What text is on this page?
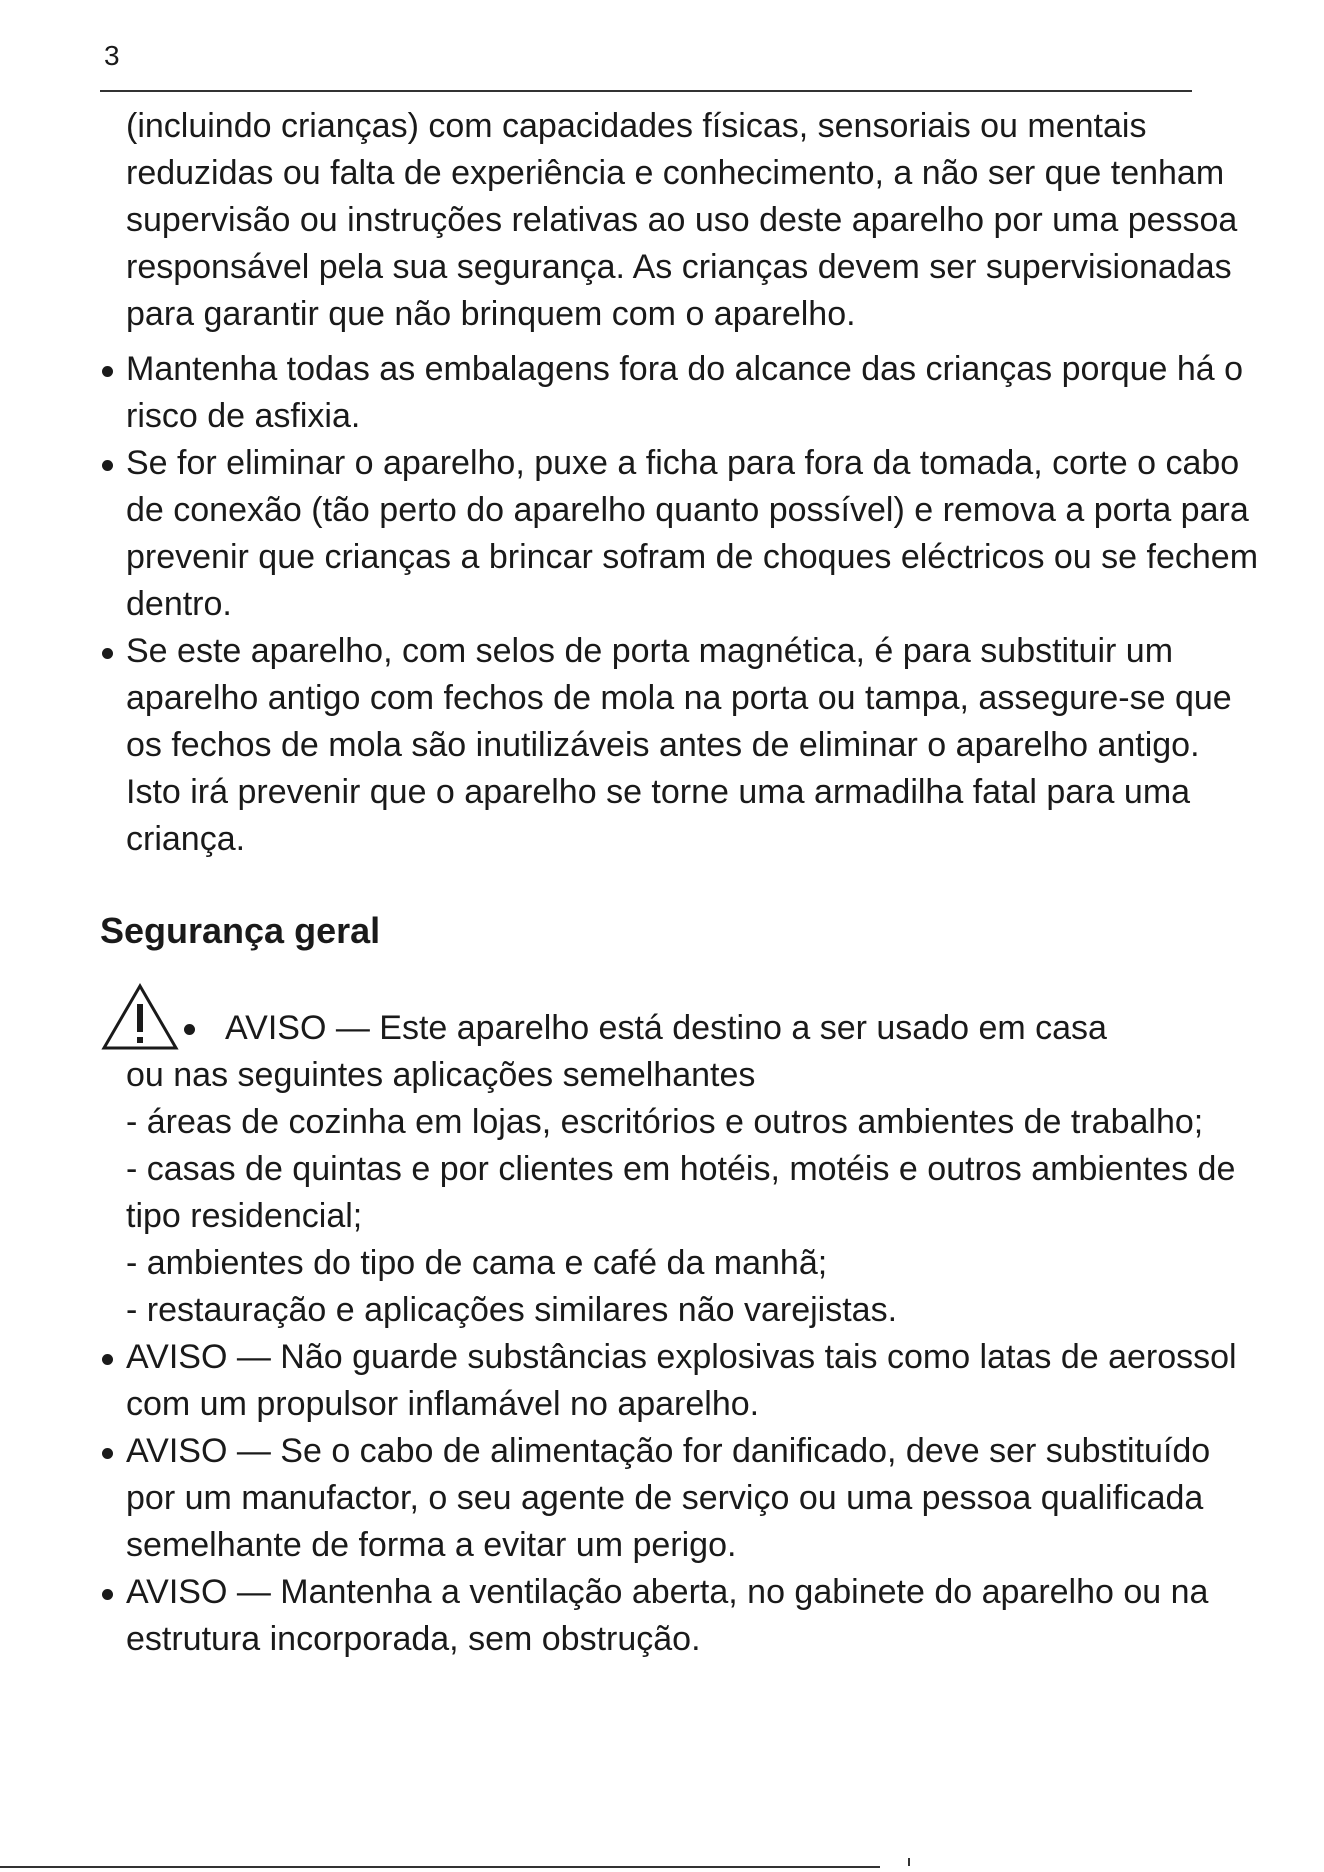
3

(incluindo crianças) com capacidades físicas, sensoriais ou mentais reduzidas ou falta de experiência e conhecimento, a não ser que tenham supervisão ou instruções relativas ao uso deste aparelho por uma pessoa responsável pela sua segurança. As crianças devem ser supervisionadas para garantir que não brinquem com o aparelho.

Mantenha todas as embalagens fora do alcance das crianças porque há o risco de asfixia.

Se for eliminar o aparelho, puxe a ficha para fora da tomada, corte o cabo de conexão (tão perto do aparelho quanto possível) e remova a porta para prevenir que crianças a brincar sofram de choques eléctricos ou se fechem dentro.

Se este aparelho, com selos de porta magnética, é para substituir um aparelho antigo com fechos de mola na porta ou tampa, assegure-se que os fechos de mola são inutilizáveis antes de eliminar o aparelho antigo. Isto irá prevenir que o aparelho se torne uma armadilha fatal para uma criança.

Segurança geral
AVISO — Este aparelho está destino a ser usado em casa
ou nas seguintes aplicações semelhantes
- áreas de cozinha em lojas, escritórios e outros ambientes de trabalho;
- casas de quintas e por clientes em hotéis, motéis e outros ambientes de tipo residencial;
- ambientes do tipo de cama e café da manhã;
- restauração e aplicações similares não varejistas.

AVISO — Não guarde substâncias explosivas tais como latas de aerossol com um propulsor inflamável no aparelho.

AVISO — Se o cabo de alimentação for danificado, deve ser substituído por um manufactor, o seu agente de serviço ou uma pessoa qualificada semelhante de forma a evitar um perigo.

AVISO — Mantenha a ventilação aberta, no gabinete do aparelho ou na estrutura incorporada, sem obstrução.
